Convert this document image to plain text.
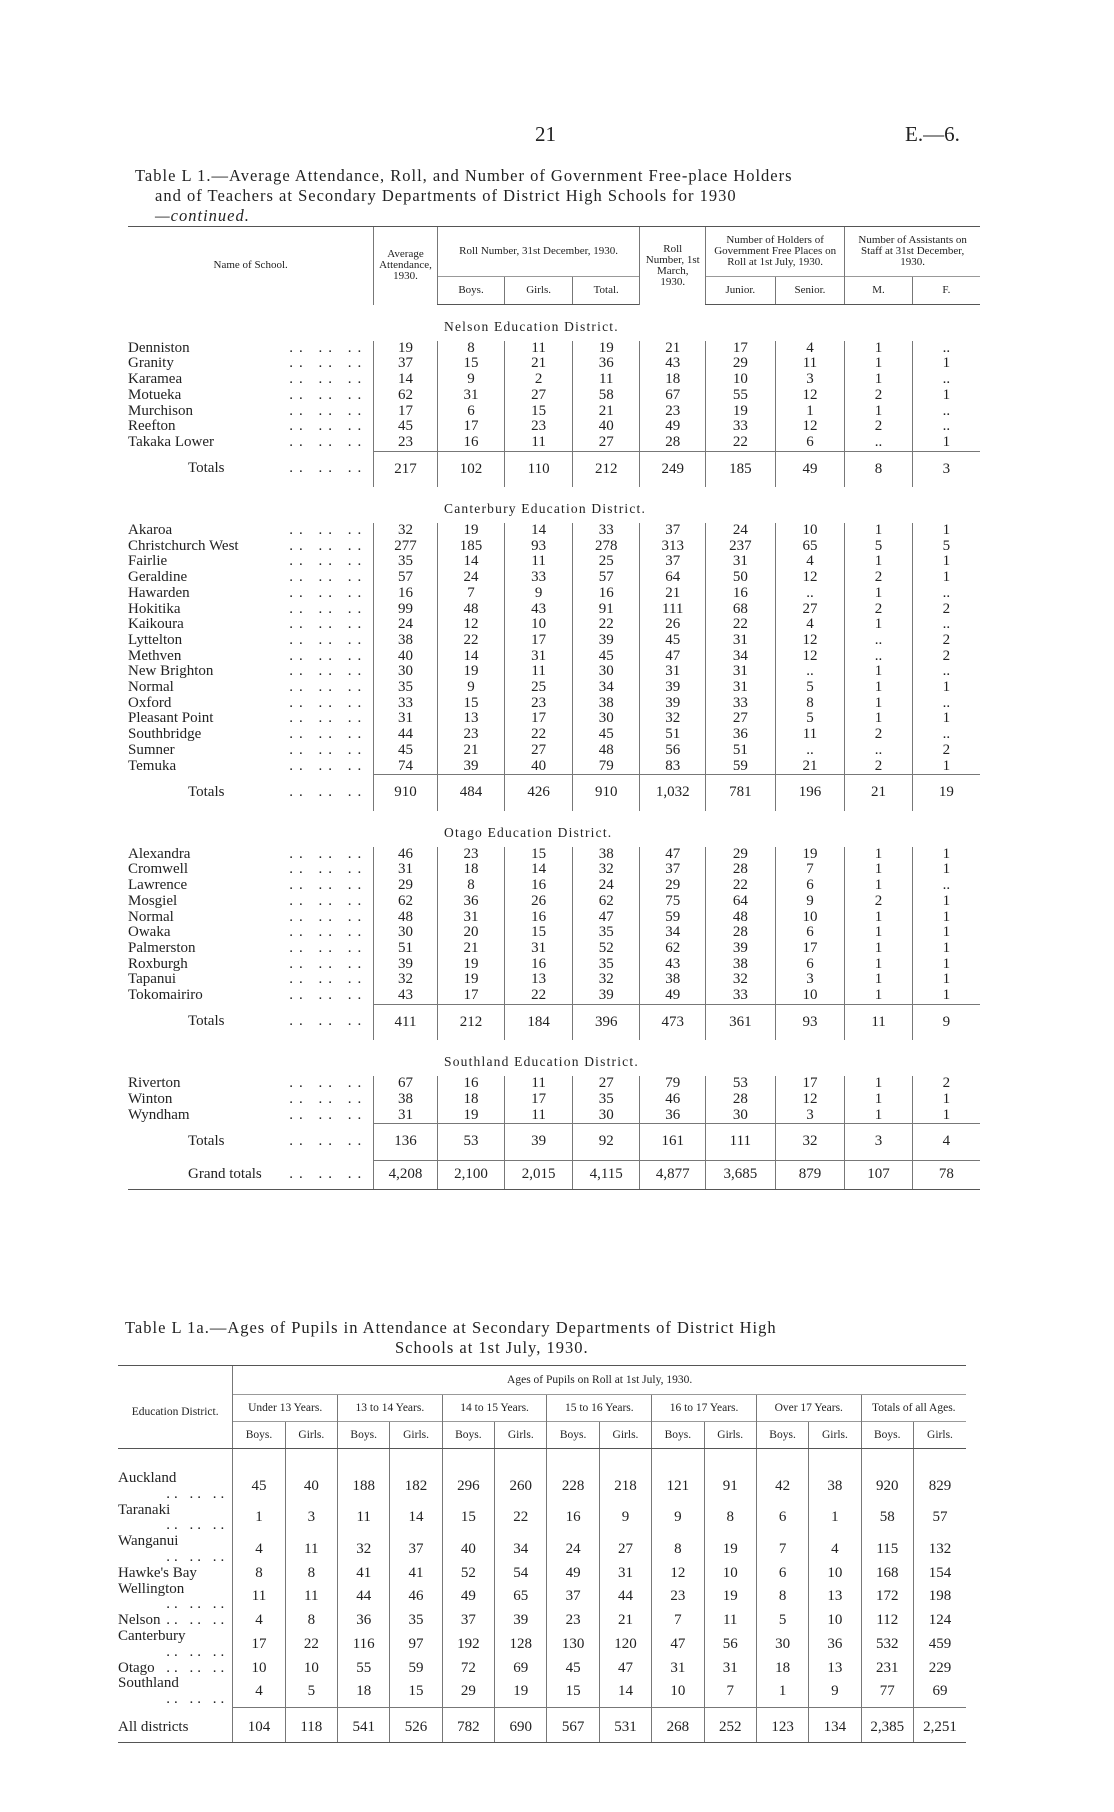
21	E.—6.
Table L 1.—Average Attendance, Roll, and Number of Government Free-place Holders
and of Teachers at Secondary Departments of District High Schools for 1930
—continued.
Name of School.	Average Attendance, 1930.	Roll Number, 31st December, 1930.			Roll Number, 1st March, 1930.	Number of Holders of Government Free Places on Roll at 1st July, 1930.		Number of Assistants on Staff at 31st December, 1930.	
		Boys.	Girls.	Total.		Junior.	Senior.	M.	F.
Nelson Education District.									
Denniston .. .. ..	19	8	11	19	21	17	4	1	..
Granity .. .. ..	37	15	21	36	43	29	11	1	1
Karamea .. .. ..	14	9	2	11	18	10	3	1	..
Motueka .. .. ..	62	31	27	58	67	55	12	2	1
Murchison .. .. ..	17	6	15	21	23	19	1	1	..
Reefton .. .. ..	45	17	23	40	49	33	12	2	..
Takaka Lower .. .. ..	23	16	11	27	28	22	6	..	1
Totals .. .. ..	217	102	110	212	249	185	49	8	3
Canterbury Education District.									
Akaroa .. .. ..	32	19	14	33	37	24	10	1	1
Christchurch West .. .. ..	277	185	93	278	313	237	65	5	5
Fairlie .. .. ..	35	14	11	25	37	31	4	1	1
Geraldine .. .. ..	57	24	33	57	64	50	12	2	1
Hawarden .. .. ..	16	7	9	16	21	16	..	1	..
Hokitika .. .. ..	99	48	43	91	111	68	27	2	2
Kaikoura .. .. ..	24	12	10	22	26	22	4	1	..
Lyttelton .. .. ..	38	22	17	39	45	31	12	..	2
Methven .. .. ..	40	14	31	45	47	34	12	..	2
New Brighton .. .. ..	30	19	11	30	31	31	..	1	..
Normal .. .. ..	35	9	25	34	39	31	5	1	1
Oxford .. .. ..	33	15	23	38	39	33	8	1	..
Pleasant Point .. .. ..	31	13	17	30	32	27	5	1	1
Southbridge .. .. ..	44	23	22	45	51	36	11	2	..
Sumner .. .. ..	45	21	27	48	56	51	..	..	2
Temuka .. .. ..	74	39	40	79	83	59	21	2	1
Totals .. .. ..	910	484	426	910	1,032	781	196	21	19
Otago Education District.									
Alexandra .. .. ..	46	23	15	38	47	29	19	1	1
Cromwell .. .. ..	31	18	14	32	37	28	7	1	1
Lawrence .. .. ..	29	8	16	24	29	22	6	1	..
Mosgiel .. .. ..	62	36	26	62	75	64	9	2	1
Normal .. .. ..	48	31	16	47	59	48	10	1	1
Owaka .. .. ..	30	20	15	35	34	28	6	1	1
Palmerston .. .. ..	51	21	31	52	62	39	17	1	1
Roxburgh .. .. ..	39	19	16	35	43	38	6	1	1
Tapanui .. .. ..	32	19	13	32	38	32	3	1	1
Tokomairiro .. .. ..	43	17	22	39	49	33	10	1	1
Totals .. .. ..	411	212	184	396	473	361	93	11	9
Southland Education District.									
Riverton .. .. ..	67	16	11	27	79	53	17	1	2
Winton .. .. ..	38	18	17	35	46	28	12	1	1
Wyndham .. .. ..	31	19	11	30	36	30	3	1	1
Totals .. .. ..	136	53	39	92	161	111	32	3	4
Grand totals .. .. ..	4,208	2,100	2,015	4,115	4,877	3,685	879	107	78
Table L 1a.—Ages of Pupils in Attendance at Secondary Departments of District High
Schools at 1st July, 1930.
Education District.	Ages of Pupils on Roll at 1st July, 1930.													
	Under 13 Years.		13 to 14 Years.		14 to 15 Years.		15 to 16 Years.		16 to 17 Years.		Over 17 Years.		Totals of all Ages.	
	Boys.	Girls.	Boys.	Girls.	Boys.	Girls.	Boys.	Girls.	Boys.	Girls.	Boys.	Girls.	Boys.	Girls.
Auckland
.. .. ..	45	40	188	182	296	260	228	218	121	91	42	38	920	829
Taranaki
.. .. ..	1	3	11	14	15	22	16	9	9	8	6	1	58	57
Wanganui
.. .. ..	4	11	32	37	40	34	24	27	8	19	7	4	115	132
Hawke's Bay	8	8	41	41	52	54	49	31	12	10	6	10	168	154
Wellington
.. .. ..	11	11	44	46	49	65	37	44	23	19	8	13	172	198
Nelson .. .. ..	4	8	36	35	37	39	23	21	7	11	5	10	112	124
Canterbury
.. .. ..	17	22	116	97	192	128	130	120	47	56	30	36	532	459
Otago .. .. ..	10	10	55	59	72	69	45	47	31	31	18	13	231	229
Southland
.. .. ..	4	5	18	15	29	19	15	14	10	7	1	9	77	69
All districts	104	118	541	526	782	690	567	531	268	252	123	134	2,385	2,251
